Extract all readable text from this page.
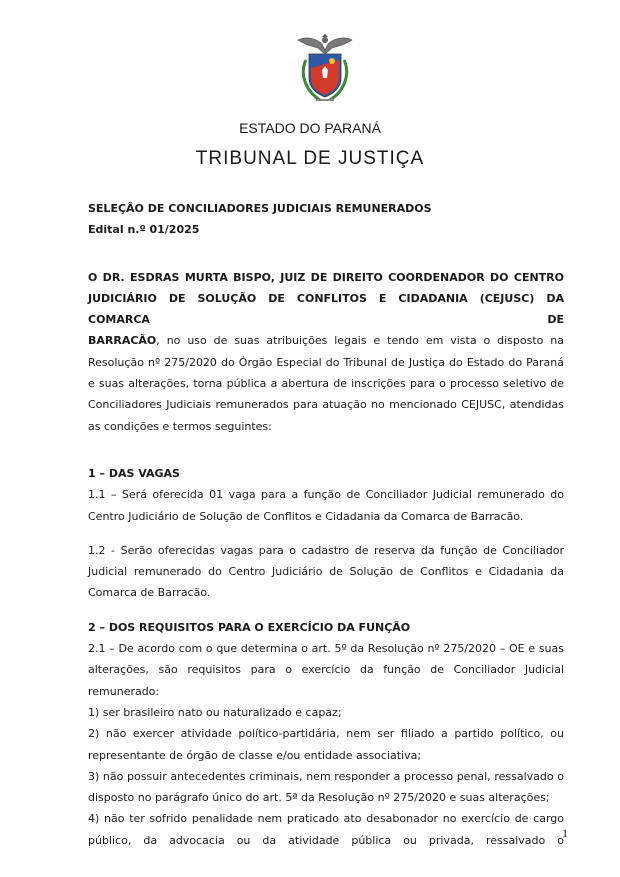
ESTADO DO PARANÁ
TRIBUNAL DE JUSTIÇA

SELEÇÃO DE CONCILIADORES JUDICIAIS REMUNERADOS

Edital n.º 01/2025

O DR. ESDRAS MURTA BISPO, JUIZ DE DIREITO COORDENADOR DO CENTRO

JUDICIÁRIO DE SOLUÇÃO DE CONFLITOS E CIDADANIA (CEJUSC) DA COMARCA DE

BARRACÃO, no uso de suas atribuições legais e tendo em vista o disposto na

Resolução nº 275/2020 do Órgão Especial do Tribunal de Justiça do Estado do Paraná e suas alterações, torna pública a abertura de inscrições para o processo seletivo de Conciliadores Judiciais remunerados para atuação no mencionado CEJUSC, atendidas as condições e termos seguintes:

1 – DAS VAGAS

1.1 – Será oferecida 01 vaga para a função de Conciliador Judicial remunerado do Centro Judiciário de Solução de Conflitos e Cidadania da Comarca de Barracão.

1.2 - Serão oferecidas vagas para o cadastro de reserva da função de Conciliador Judicial remunerado do Centro Judiciário de Solução de Conflitos e Cidadania da Comarca de Barracão.

2 – DOS REQUISITOS PARA O EXERCÍCIO DA FUNÇÃO

2.1 – De acordo com o que determina o art. 5º da Resolução nº 275/2020 – OE e suas alterações, são requisitos para o exercício da função de Conciliador Judicial remunerado:

1) ser brasileiro nato ou naturalizado e capaz;

2) não exercer atividade político-partidária, nem ser filiado a partido político, ou representante de órgão de classe e/ou entidade associativa;

3) não possuir antecedentes criminais, nem responder a processo penal, ressalvado o disposto no parágrafo único do art. 5ª da Resolução nº 275/2020 e suas alterações;

4) não ter sofrido penalidade nem praticado ato desabonador no exercício de cargo público, da advocacia ou da atividade pública ou privada, ressalvado o

1
